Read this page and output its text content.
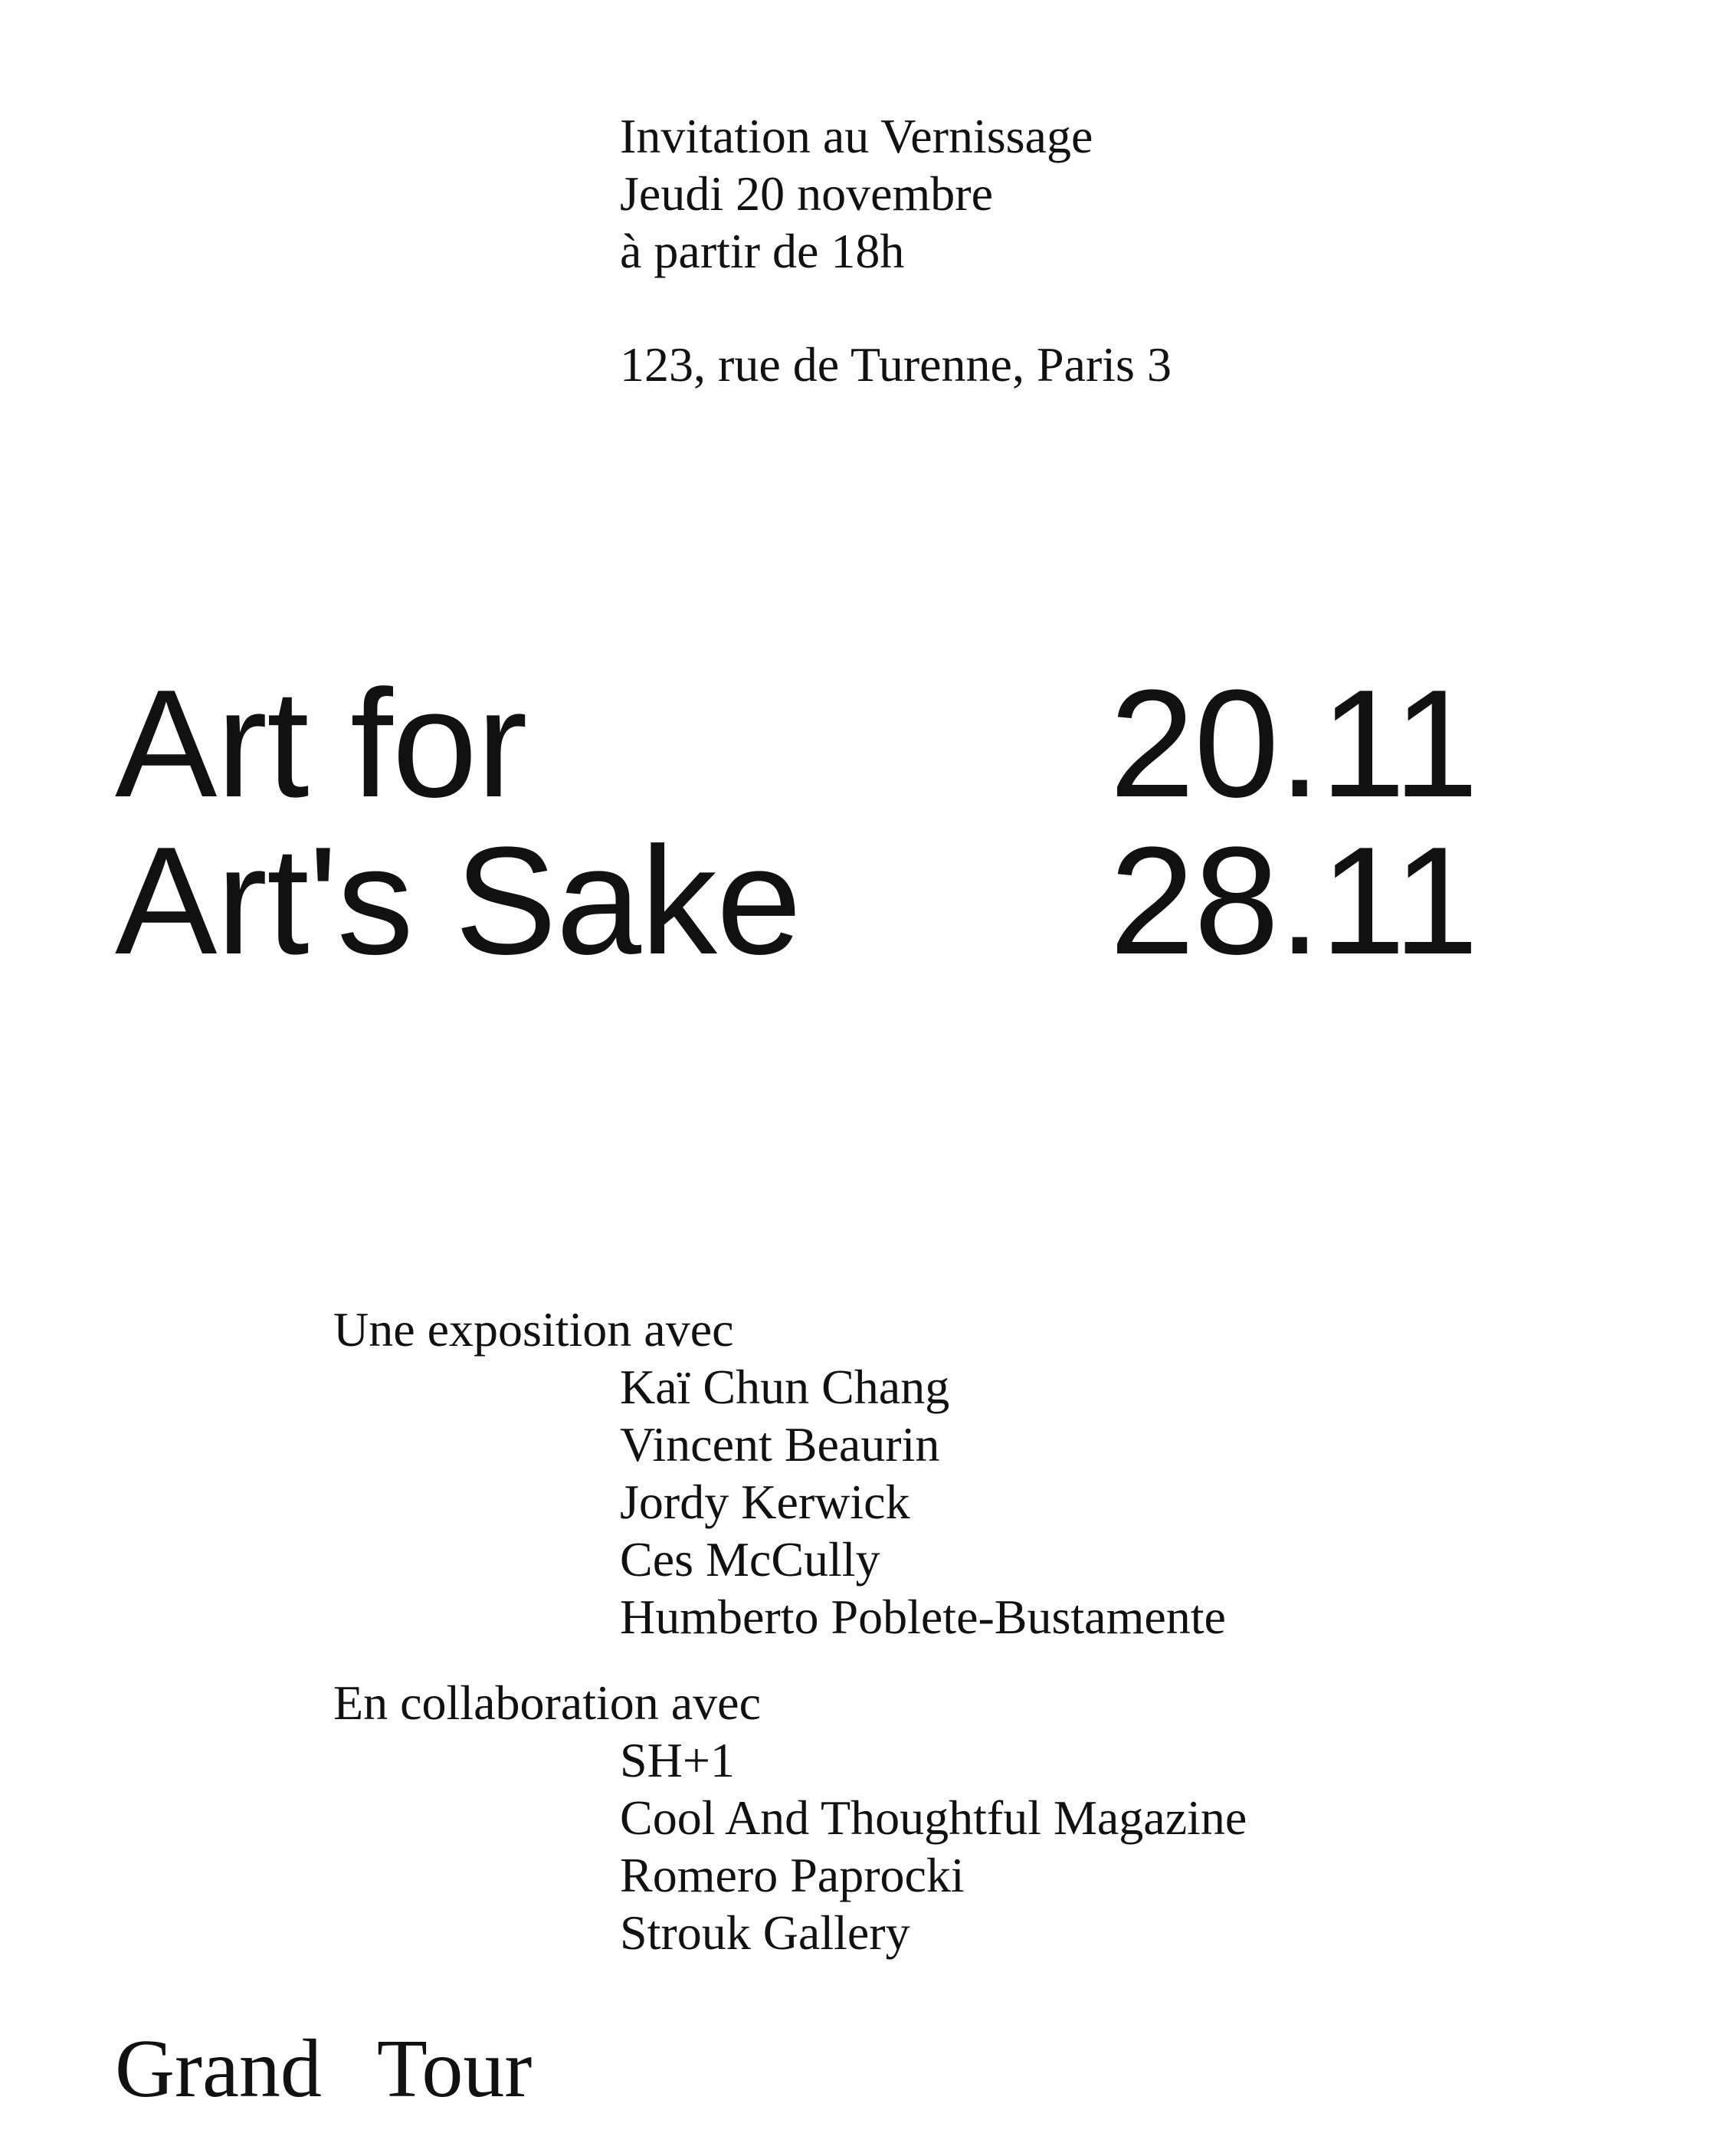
Invitation au Vernissage
Jeudi 20 novembre
à partir de 18h
123, rue de Turenne, Paris 3
Art for
Art's Sake
20.11
28.11
Une exposition avec
Kaï Chun Chang
Vincent Beaurin
Jordy Kerwick
Ces McCully
Humberto Poblete-Bustamente
En collaboration avec
SH+1
Cool And Thoughtful Magazine
Romero Paprocki
Strouk Gallery
Grand Tour
